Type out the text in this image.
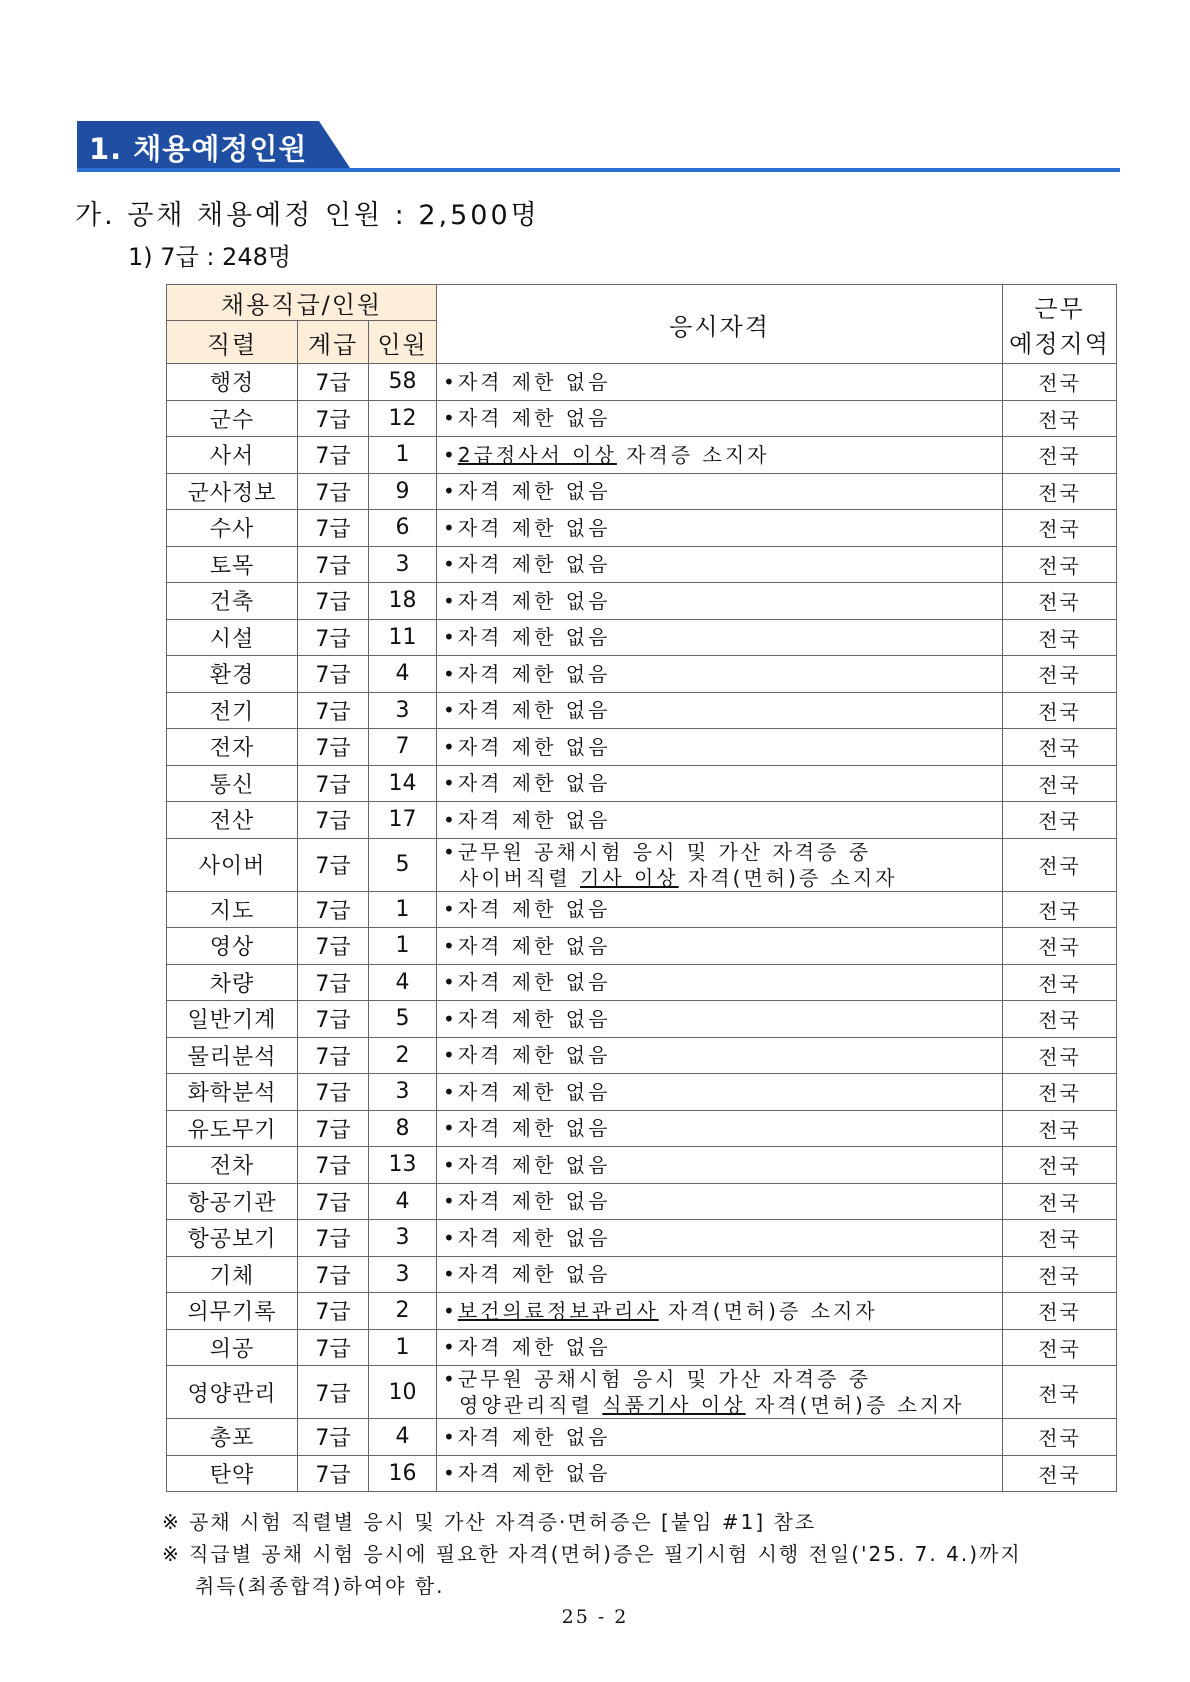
1. 채용예정인원
가. 공채 채용예정 인원 : 2,500명
1) 7급 : 248명
채용직급/인원			응시자격	근무
예정지역

직렬	계급	인원		
행정	7급	58	•자격 제한 없음	전국
군수	7급	12	•자격 제한 없음	전국
사서	7급	1	•2급정사서 이상 자격증 소지자	전국
군사정보	7급	9	•자격 제한 없음	전국
수사	7급	6	•자격 제한 없음	전국
토목	7급	3	•자격 제한 없음	전국
건축	7급	18	•자격 제한 없음	전국
시설	7급	11	•자격 제한 없음	전국
환경	7급	4	•자격 제한 없음	전국
전기	7급	3	•자격 제한 없음	전국
전자	7급	7	•자격 제한 없음	전국
통신	7급	14	•자격 제한 없음	전국
전산	7급	17	•자격 제한 없음	전국
사이버	7급	5	•군무원 공채시험 응시 및 가산 자격증 중
사이버직렬 기사 이상 자격(면허)증 소지자	전국
지도	7급	1	•자격 제한 없음	전국
영상	7급	1	•자격 제한 없음	전국
차량	7급	4	•자격 제한 없음	전국
일반기계	7급	5	•자격 제한 없음	전국
물리분석	7급	2	•자격 제한 없음	전국
화학분석	7급	3	•자격 제한 없음	전국
유도무기	7급	8	•자격 제한 없음	전국
전차	7급	13	•자격 제한 없음	전국
항공기관	7급	4	•자격 제한 없음	전국
항공보기	7급	3	•자격 제한 없음	전국
기체	7급	3	•자격 제한 없음	전국
의무기록	7급	2	•보건의료정보관리사 자격(면허)증 소지자	전국
의공	7급	1	•자격 제한 없음	전국
영양관리	7급	10	•군무원 공채시험 응시 및 가산 자격증 중
영양관리직렬 식품기사 이상 자격(면허)증 소지자	전국
총포	7급	4	•자격 제한 없음	전국
탄약	7급	16	•자격 제한 없음	전국
※ 공채 시험 직렬별 응시 및 가산 자격증·면허증은 [붙임 #1] 참조
※ 직급별 공채 시험 응시에 필요한 자격(면허)증은 필기시험 시행 전일('25. 7. 4.)까지
취득(최종합격)하여야 함.
25 - 2
